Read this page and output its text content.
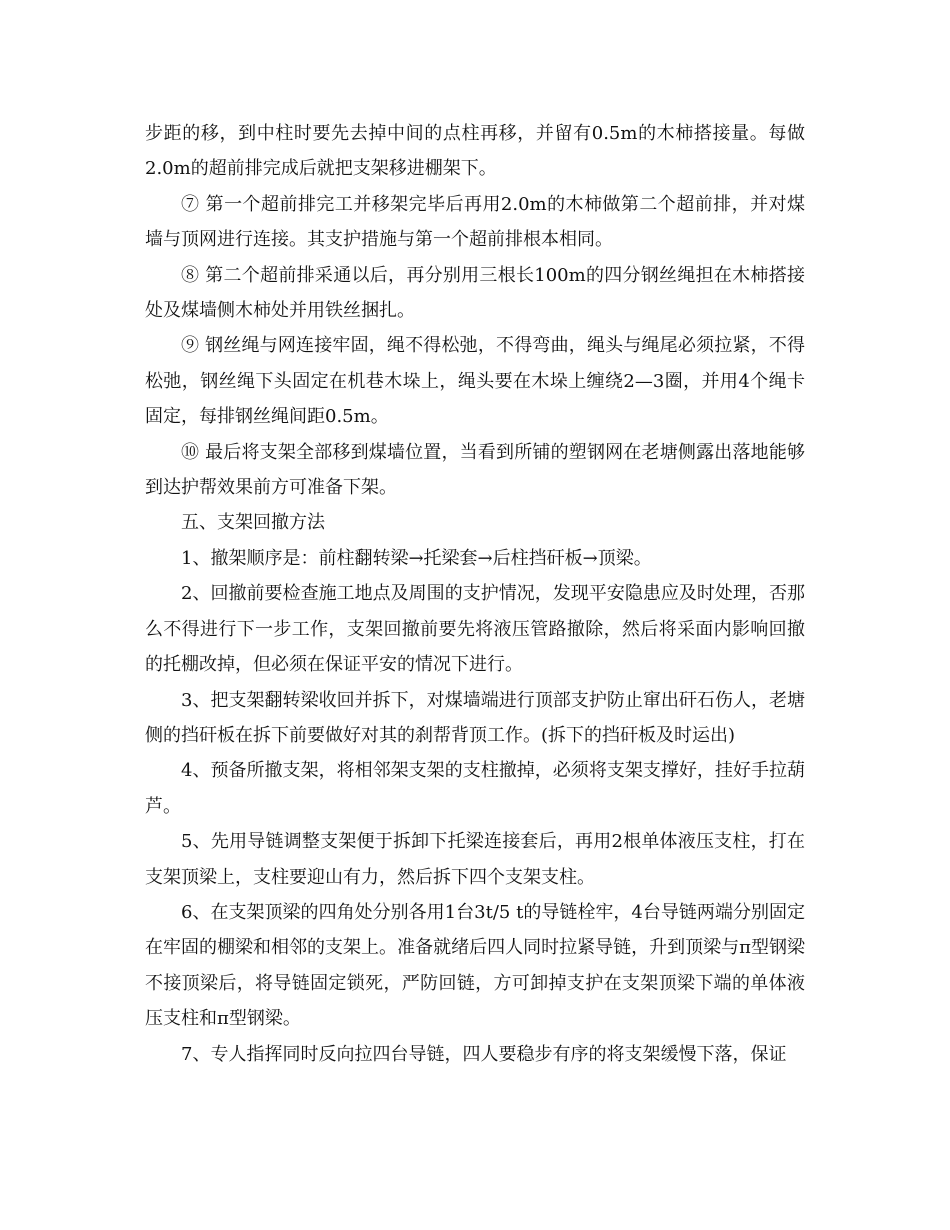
步距的移，到中柱时要先去掉中间的点柱再移，并留有0.5m的木柿搭接量。每做2.0m的超前排完成后就把支架移进棚架下。

⑦ 第一个超前排完工并移架完毕后再用2.0m的木柿做第二个超前排，并对煤墙与顶网进行连接。其支护措施与第一个超前排根本相同。

⑧ 第二个超前排采通以后，再分别用三根长100m的四分钢丝绳担在木柿搭接处及煤墙侧木柿处并用铁丝捆扎。

⑨ 钢丝绳与网连接牢固，绳不得松弛，不得弯曲，绳头与绳尾必须拉紧，不得松弛，钢丝绳下头固定在机巷木垛上，绳头要在木垛上缠绕2—3圈，并用4个绳卡固定，每排钢丝绳间距0.5m。

⑩ 最后将支架全部移到煤墙位置，当看到所铺的塑钢网在老塘侧露出落地能够到达护帮效果前方可准备下架。

五、支架回撤方法

1、撤架顺序是：前柱翻转梁→托梁套→后柱挡矸板→顶梁。

2、回撤前要检查施工地点及周围的支护情况，发现平安隐患应及时处理，否那么不得进行下一步工作，支架回撤前要先将液压管路撤除，然后将采面内影响回撤的托棚改掉，但必须在保证平安的情况下进行。

3、把支架翻转梁收回并拆下，对煤墙端进行顶部支护防止窜出矸石伤人，老塘侧的挡矸板在拆下前要做好对其的刹帮背顶工作。(拆下的挡矸板及时运出)

4、预备所撤支架，将相邻架支架的支柱撤掉，必须将支架支撑好，挂好手拉葫芦。

5、先用导链调整支架便于拆卸下托梁连接套后，再用2根单体液压支柱，打在支架顶梁上，支柱要迎山有力，然后拆下四个支架支柱。

6、在支架顶梁的四角处分别各用1台3t/5 t的导链栓牢，4台导链两端分别固定在牢固的棚梁和相邻的支架上。准备就绪后四人同时拉紧导链，升到顶梁与π型钢梁不接顶梁后，将导链固定锁死，严防回链，方可卸掉支护在支架顶梁下端的单体液压支柱和π型钢梁。

7、专人指挥同时反向拉四台导链，四人要稳步有序的将支架缓慢下落，保证
